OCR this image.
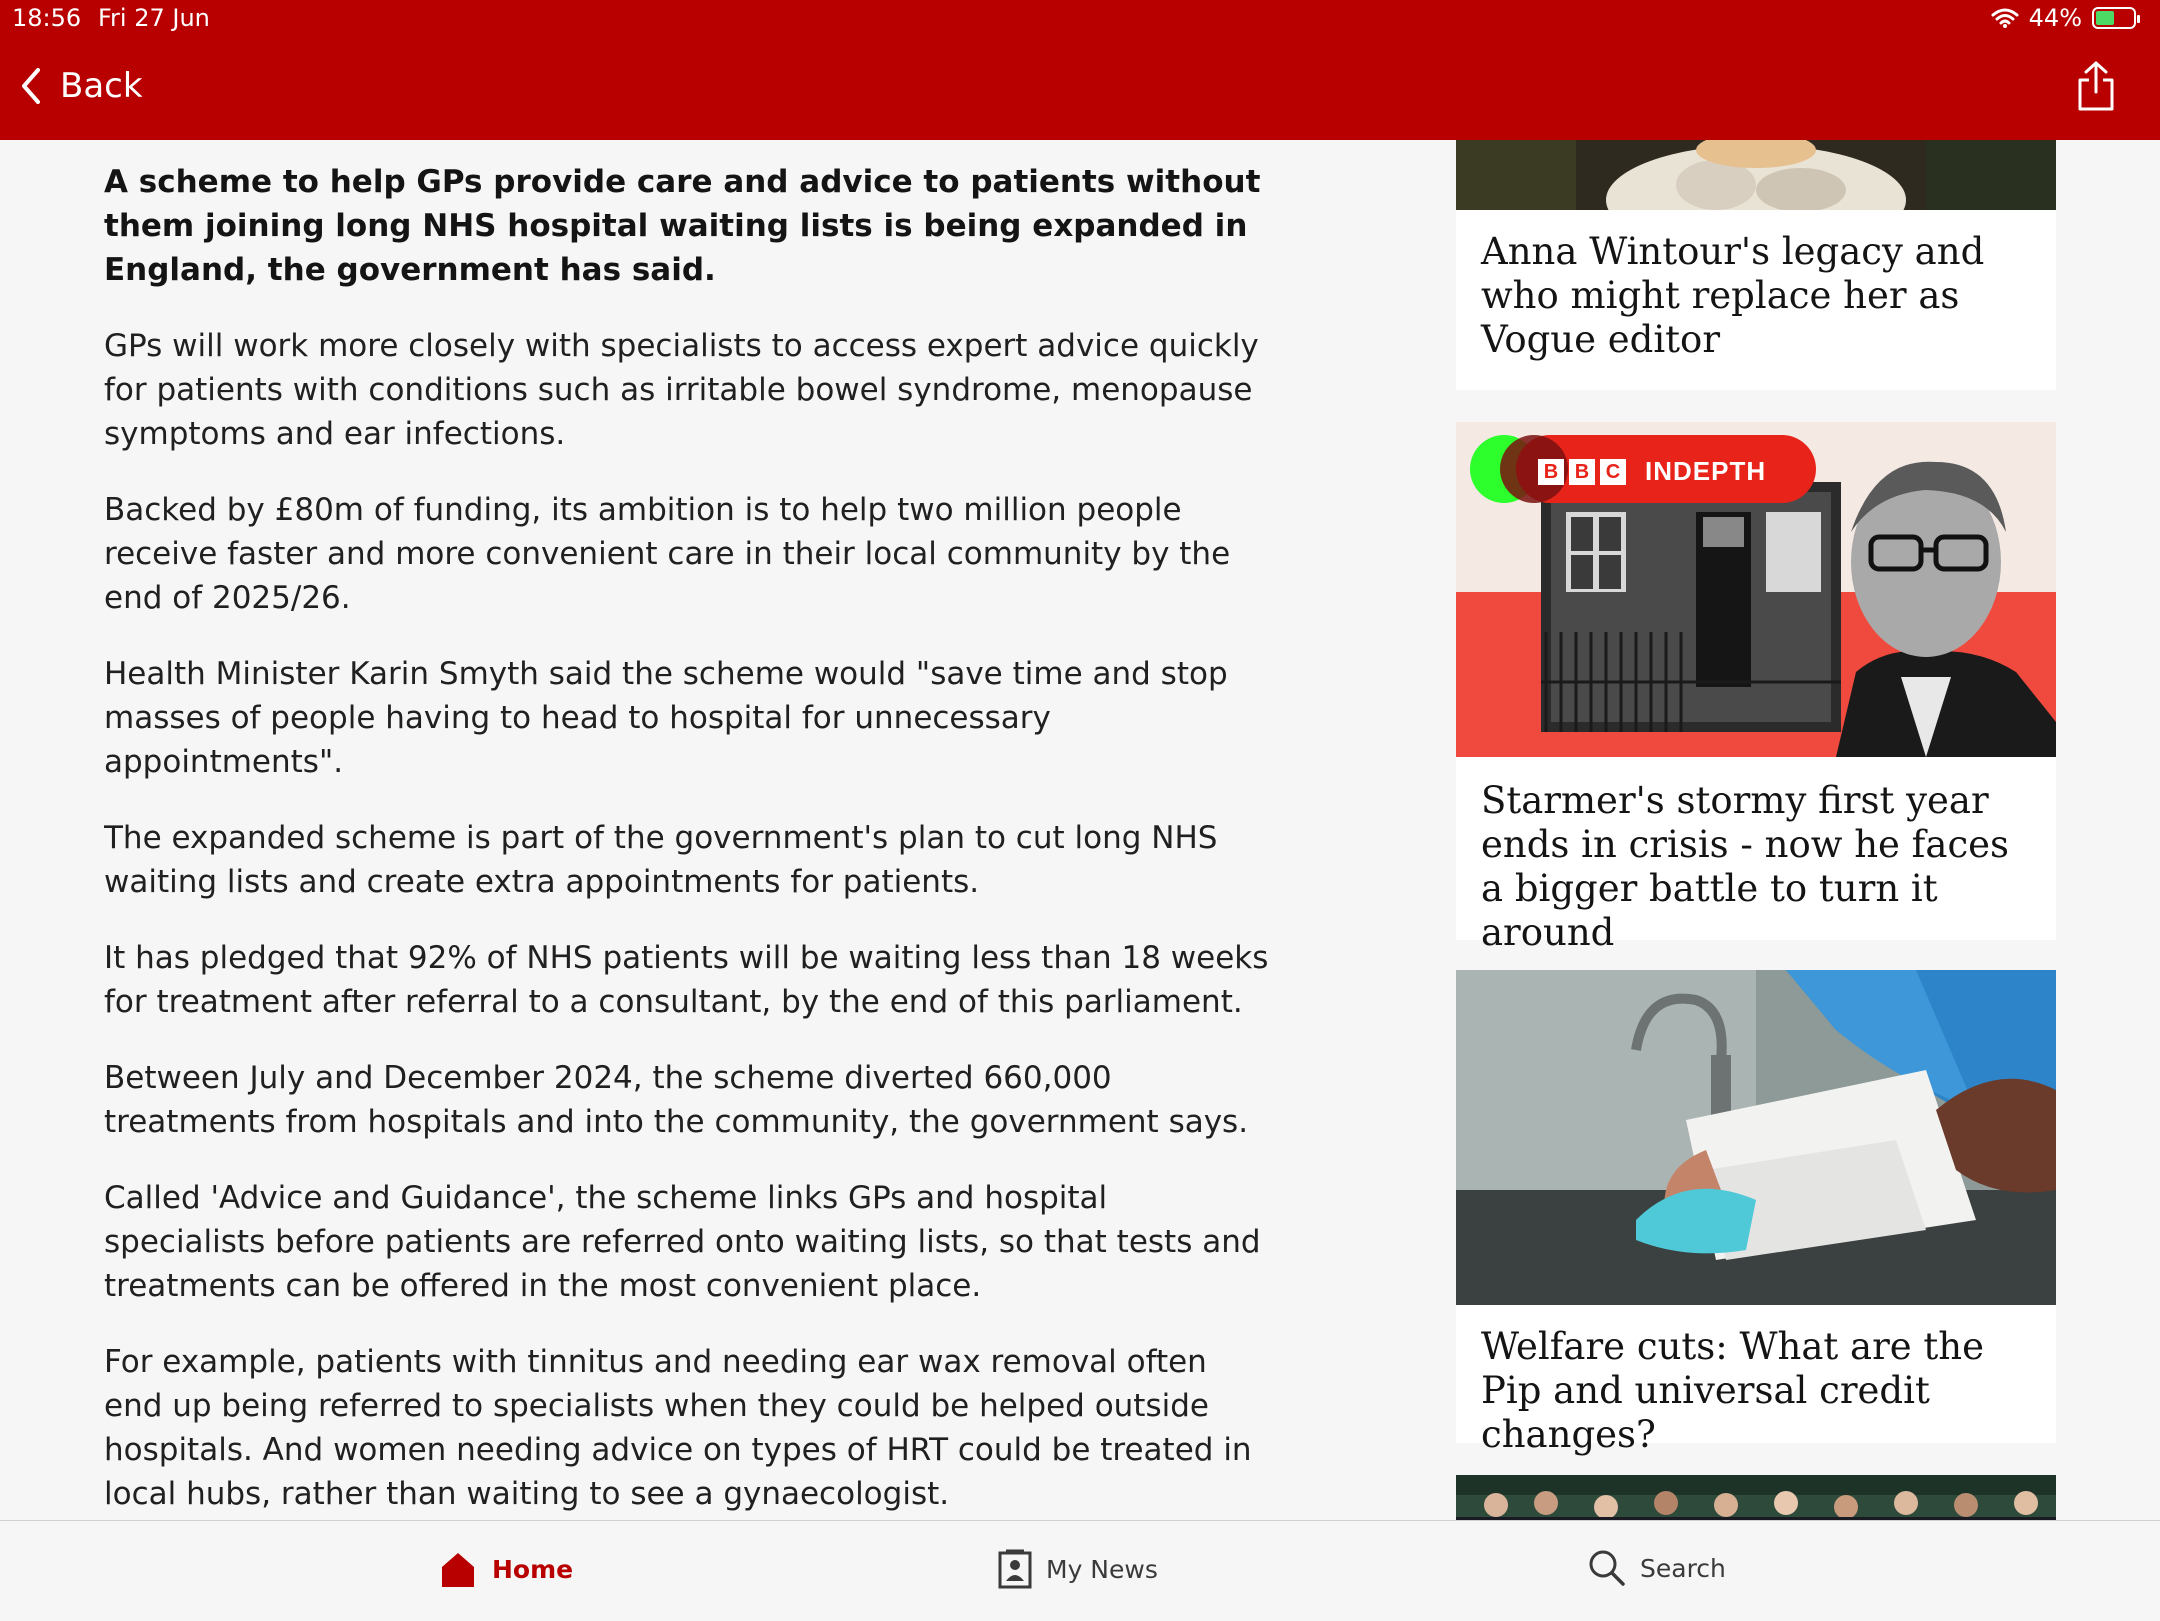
18:56 Fri 27 Jun	44%
Back

A scheme to help GPs provide care and advice to patients without them joining long NHS hospital waiting lists is being expanded in England, the government has said.

GPs will work more closely with specialists to access expert advice quickly for patients with conditions such as irritable bowel syndrome, menopause symptoms and ear infections.

Backed by £80m of funding, its ambition is to help two million people receive faster and more convenient care in their local community by the end of 2025/26.

Health Minister Karin Smyth said the scheme would "save time and stop masses of people having to head to hospital for unnecessary appointments".

The expanded scheme is part of the government's plan to cut long NHS waiting lists and create extra appointments for patients.

It has pledged that 92% of NHS patients will be waiting less than 18 weeks for treatment after referral to a consultant, by the end of this parliament.

Between July and December 2024, the scheme diverted 660,000 treatments from hospitals and into the community, the government says.

Called 'Advice and Guidance', the scheme links GPs and hospital specialists before patients are referred onto waiting lists, so that tests and treatments can be offered in the most convenient place.

For example, patients with tinnitus and needing ear wax removal often end up being referred to specialists when they could be helped outside hospitals. And women needing advice on types of HRT could be treated in local hubs, rather than waiting to see a gynaecologist.

Anna Wintour's legacy and who might replace her as Vogue editor
B B C INDEPTH
Starmer's stormy first year ends in crisis - now he faces a bigger battle to turn it around
Welfare cuts: What are the Pip and universal credit changes?
Home	My News	Search
